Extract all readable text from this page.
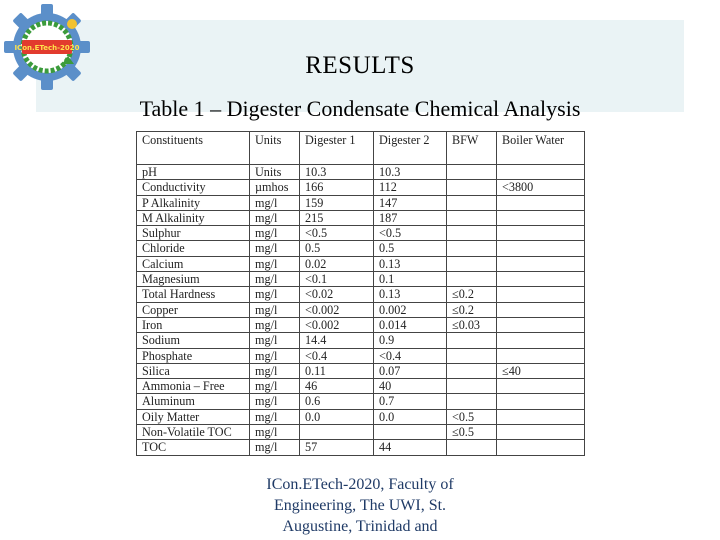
ICon.ETech-2020
RESULTS
Table 1 – Digester Condensate Chemical Analysis
Constituents	Units	Digester 1	Digester 2	BFW	Boiler Water
pH	Units	10.3	10.3		
Conductivity	µmhos	166	112		<3800
P Alkalinity	mg/l	159	147		
M Alkalinity	mg/l	215	187		
Sulphur	mg/l	<0.5	<0.5		
Chloride	mg/l	0.5	0.5		
Calcium	mg/l	0.02	0.13		
Magnesium	mg/l	<0.1	0.1		
Total Hardness	mg/l	<0.02	0.13	≤0.2	
Copper	mg/l	<0.002	0.002	≤0.2	
Iron	mg/l	<0.002	0.014	≤0.03	
Sodium	mg/l	14.4	0.9		
Phosphate	mg/l	<0.4	<0.4		
Silica	mg/l	0.11	0.07		≤40
Ammonia – Free	mg/l	46	40		
Aluminum	mg/l	0.6	0.7		
Oily Matter	mg/l	0.0	0.0	<0.5	
Non-Volatile TOC	mg/l			≤0.5	
TOC	mg/l	57	44		
ICon.ETech-2020, Faculty of
Engineering, The UWI, St.
Augustine, Trinidad and
